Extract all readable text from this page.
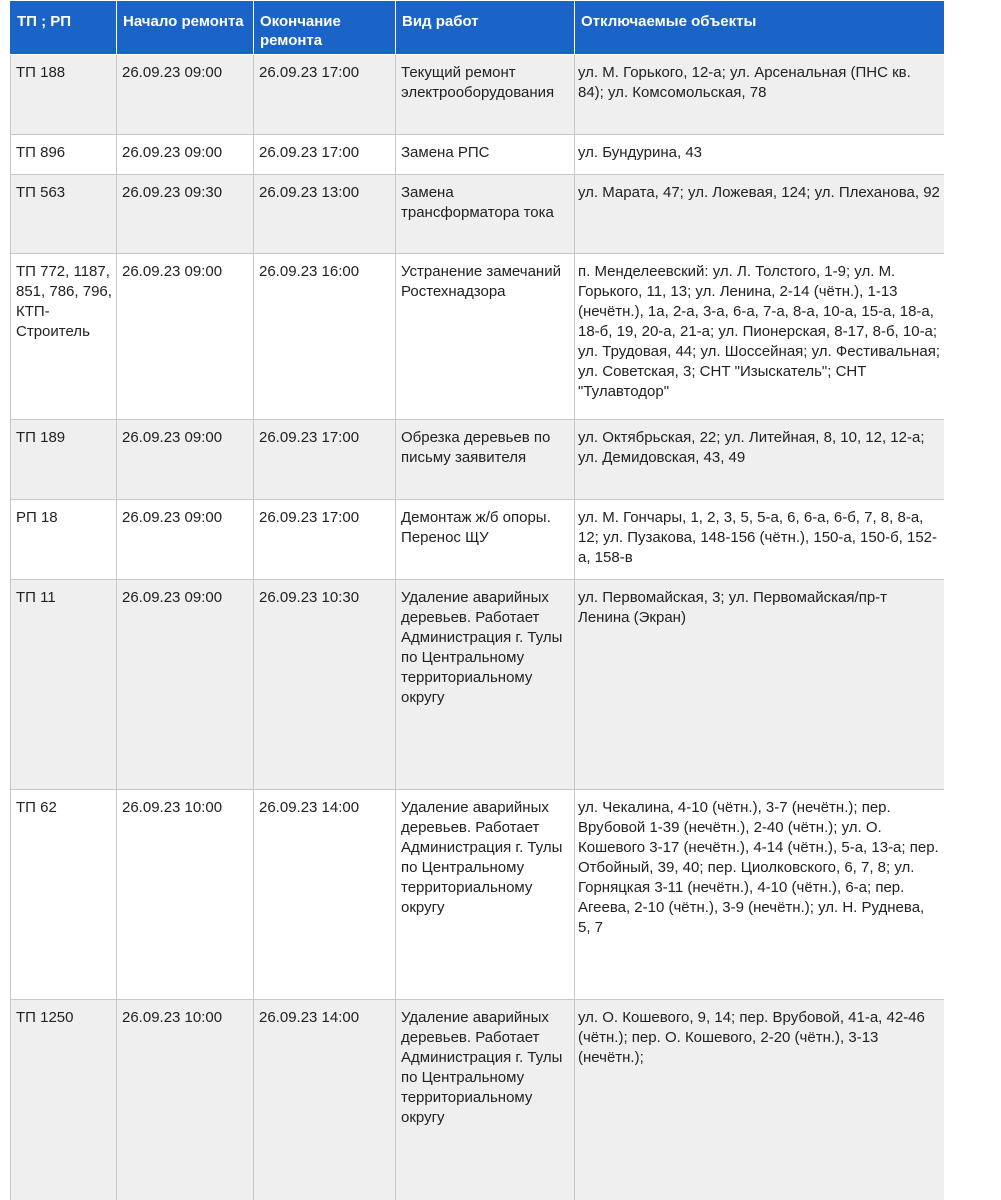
ТП ; РП	Начало ремонта	Окончание ремонта	Вид работ	Отключаемые объекты
ТП 188	26.09.23 09:00	26.09.23 17:00	Текущий ремонт электрооборудования	ул. М. Горького, 12-а; ул. Арсенальная (ПНС кв. 84); ул. Комсомольская, 78
ТП 896	26.09.23 09:00	26.09.23 17:00	Замена РПС	ул. Бундурина, 43
ТП 563	26.09.23 09:30	26.09.23 13:00	Замена трансформатора тока	ул. Марата, 47; ул. Ложевая, 124; ул. Плеханова, 92
ТП 772, 1187, 851, 786, 796, КТП-Строитель	26.09.23 09:00	26.09.23 16:00	Устранение замечаний Ростехнадзора	п. Менделеевский: ул. Л. Толстого, 1-9; ул. М. Горького, 11, 13; ул. Ленина, 2-14 (чётн.), 1-13 (нечётн.), 1а, 2-а, 3-а, 6-а, 7-а, 8-а, 10-а, 15-а, 18-а, 18-б, 19, 20-а, 21-а; ул. Пионерская, 8-17, 8-б, 10-а; ул. Трудовая, 44; ул. Шоссейная; ул. Фестивальная; ул. Советская, 3; СНТ "Изыскатель"; СНТ "Тулавтодор"
ТП 189	26.09.23 09:00	26.09.23 17:00	Обрезка деревьев по письму заявителя	ул. Октябрьская, 22; ул. Литейная, 8, 10, 12, 12-а; ул. Демидовская, 43, 49
РП 18	26.09.23 09:00	26.09.23 17:00	Демонтаж ж/б опоры. Перенос ЩУ	ул. М. Гончары, 1, 2, 3, 5, 5-а, 6, 6-а, 6-б, 7, 8, 8-а, 12; ул. Пузакова, 148-156 (чётн.), 150-а, 150-б, 152-а, 158-в
ТП 11	26.09.23 09:00	26.09.23 10:30	Удаление аварийных деревьев. Работает Администрация г. Тулы по Центральному территориальному округу	ул. Первомайская, 3; ул. Первомайская/пр-т Ленина (Экран)
ТП 62	26.09.23 10:00	26.09.23 14:00	Удаление аварийных деревьев. Работает Администрация г. Тулы по Центральному территориальному округу	ул. Чекалина, 4-10 (чётн.), 3-7 (нечётн.); пер. Врубовой 1-39 (нечётн.), 2-40 (чётн.); ул. О. Кошевого 3-17 (нечётн.), 4-14 (чётн.), 5-а, 13-а; пер. Отбойный, 39, 40; пер. Циолковского, 6, 7, 8; ул. Горняцкая 3-11 (нечётн.), 4-10 (чётн.), 6-а; пер. Агеева, 2-10 (чётн.), 3-9 (нечётн.); ул. Н. Руднева, 5, 7
ТП 1250	26.09.23 10:00	26.09.23 14:00	Удаление аварийных деревьев. Работает Администрация г. Тулы по Центральному территориальному округу	ул. О. Кошевого, 9, 14; пер. Врубовой, 41-а, 42-46 (чётн.); пер. О. Кошевого, 2-20 (чётн.), 3-13 (нечётн.);
